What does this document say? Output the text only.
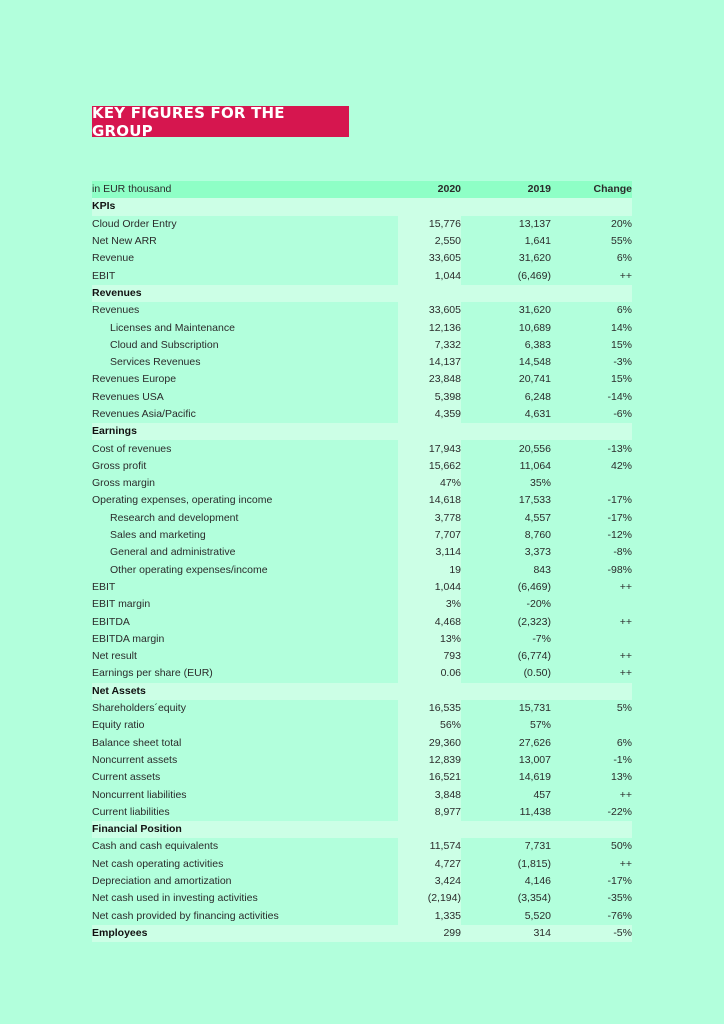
KEY FIGURES FOR THE GROUP
in EUR thousand	2020	2019	Change
KPIs			
Cloud Order Entry	15,776	13,137	20%
Net New ARR	2,550	1,641	55%
Revenue	33,605	31,620	6%
EBIT	1,044	(6,469)	++
Revenues			
Revenues	33,605	31,620	6%
Licenses and Maintenance	12,136	10,689	14%
Cloud and Subscription	7,332	6,383	15%
Services Revenues	14,137	14,548	-3%
Revenues Europe	23,848	20,741	15%
Revenues USA	5,398	6,248	-14%
Revenues Asia/Pacific	4,359	4,631	-6%
Earnings			
Cost of revenues	17,943	20,556	-13%
Gross profit	15,662	11,064	42%
Gross margin	47%	35%	
Operating expenses, operating income	14,618	17,533	-17%
Research and development	3,778	4,557	-17%
Sales and marketing	7,707	8,760	-12%
General and administrative	3,114	3,373	-8%
Other operating expenses/income	19	843	-98%
EBIT	1,044	(6,469)	++
EBIT margin	3%	-20%	
EBITDA	4,468	(2,323)	++
EBITDA margin	13%	-7%	
Net result	793	(6,774)	++
Earnings per share (EUR)	0.06	(0.50)	++
Net Assets			
Shareholders´equity	16,535	15,731	5%
Equity ratio	56%	57%	
Balance sheet total	29,360	27,626	6%
Noncurrent assets	12,839	13,007	-1%
Current assets	16,521	14,619	13%
Noncurrent liabilities	3,848	457	++
Current liabilities	8,977	11,438	-22%
Financial Position			
Cash and cash equivalents	11,574	7,731	50%
Net cash operating activities	4,727	(1,815)	++
Depreciation and amortization	3,424	4,146	-17%
Net cash used in investing activities	(2,194)	(3,354)	-35%
Net cash provided by financing activities	1,335	5,520	-76%
Employees	299	314	-5%
